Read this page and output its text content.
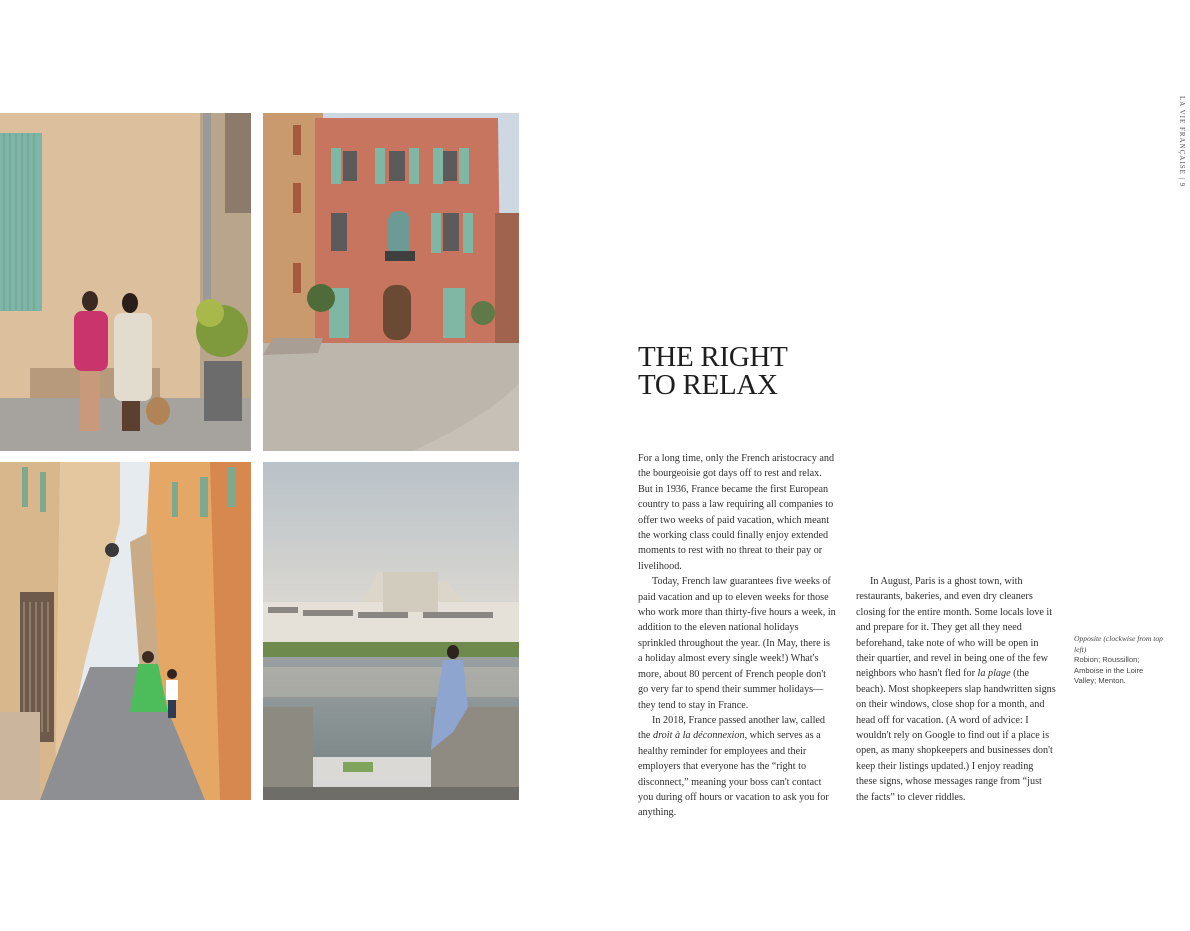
LA VIE FRANÇAISE | 9
THE RIGHT
TO RELAX

For a long time, only the French aristocracy and the bourgeoisie got days off to rest and relax. But in 1936, France became the first European country to pass a law requiring all companies to offer two weeks of paid vacation, which meant the working class could finally enjoy extended moments to rest with no threat to their pay or livelihood.

Today, French law guarantees five weeks of paid vacation and up to eleven weeks for those who work more than thirty-five hours a week, in addition to the eleven national holidays sprinkled throughout the year. (In May, there is a holiday almost every single week!) What's more, about 80 percent of French people don't go very far to spend their summer holidays—they tend to stay in France.

In 2018, France passed another law, called the droit à la déconnexion, which serves as a healthy reminder for employees and their employers that everyone has the “right to disconnect,” meaning your boss can't contact you during off hours or vacation to ask you for anything.

In August, Paris is a ghost town, with restaurants, bakeries, and even dry cleaners closing for the entire month. Some locals love it and prepare for it. They get all they need beforehand, take note of who will be open in their quartier, and revel in being one of the few neighbors who hasn't fled for la plage (the beach). Most shopkeepers slap handwritten signs on their windows, close shop for a month, and head off for vacation. (A word of advice: I wouldn't rely on Google to find out if a place is open, as many shopkeepers and businesses don't keep their listings updated.) I enjoy reading these signs, whose messages range from “just the facts” to clever riddles.

Opposite (clockwise from top left)
Robion; Roussillon; Amboise in the Loire Valley; Menton.
